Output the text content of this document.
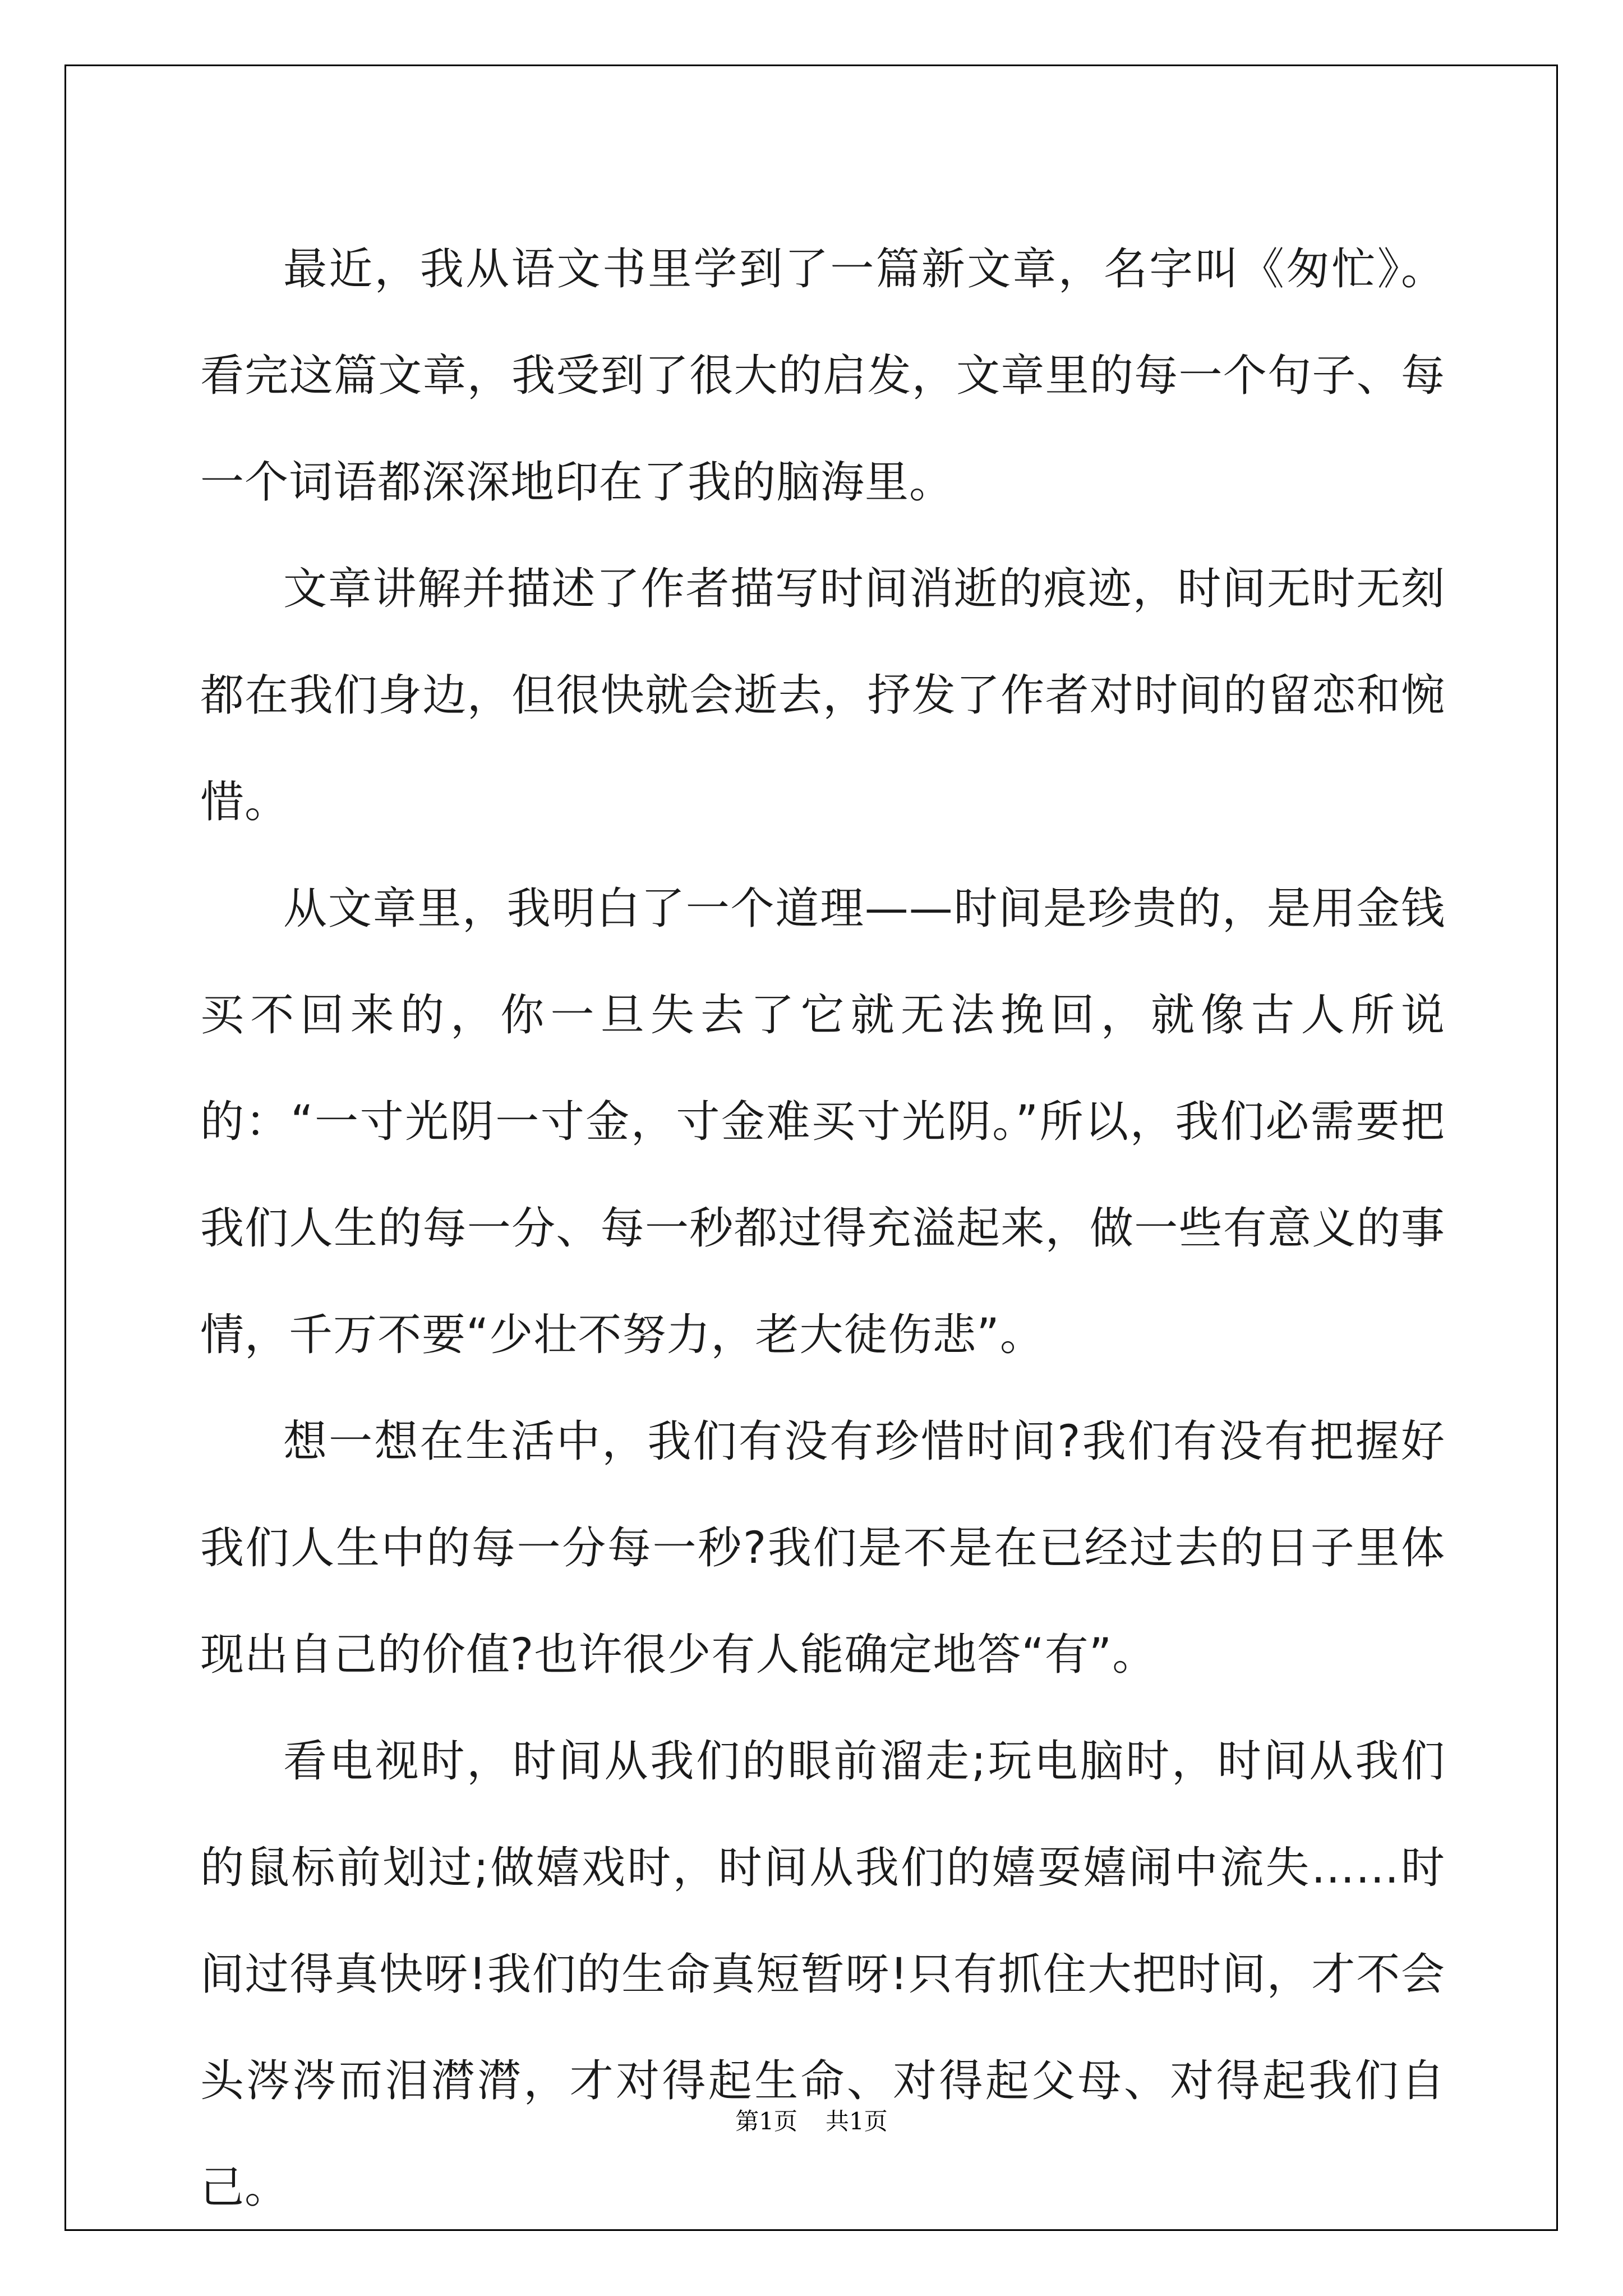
最近，我从语文书里学到了一篇新文章，名字叫《匆忙》。看完这篇文章，我受到了很大的启发，文章里的每一个句子、每一个词语都深深地印在了我的脑海里。

文章讲解并描述了作者描写时间消逝的痕迹，时间无时无刻都在我们身边，但很快就会逝去，抒发了作者对时间的留恋和惋惜。

从文章里，我明白了一个道理——时间是珍贵的，是用金钱买不回来的，你一旦失去了它就无法挽回，就像古人所说的：“一寸光阴一寸金，寸金难买寸光阴。”所以，我们必需要把我们人生的每一分、每一秒都过得充溢起来，做一些有意义的事情，千万不要“少壮不努力，老大徒伤悲”。

想一想在生活中，我们有没有珍惜时间?我们有没有把握好我们人生中的每一分每一秒?我们是不是在已经过去的日子里体现出自己的价值?也许很少有人能确定地答“有”。

看电视时，时间从我们的眼前溜走;玩电脑时，时间从我们的鼠标前划过;做嬉戏时，时间从我们的嬉耍嬉闹中流失……时间过得真快呀!我们的生命真短暂呀!只有抓住大把时间，才不会头涔涔而泪潸潸，才对得起生命、对得起父母、对得起我们自己。

第1页 共1页
